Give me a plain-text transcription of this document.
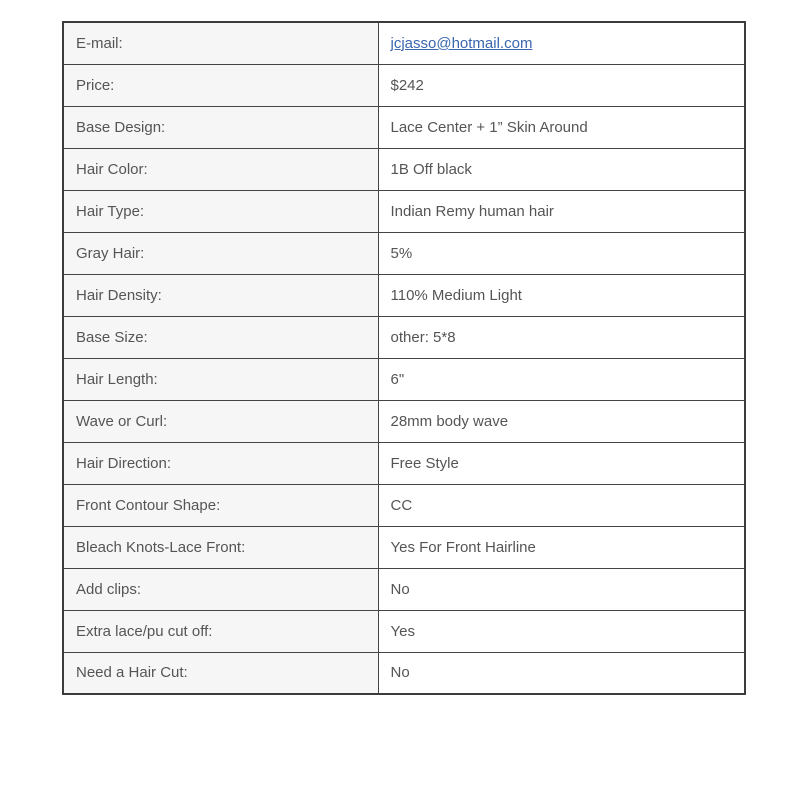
E-mail:	jcjasso@hotmail.com
Price:	$242
Base Design:	Lace Center + 1” Skin Around
Hair Color:	1B Off black
Hair Type:	Indian Remy human hair
Gray Hair:	5%
Hair Density:	110% Medium Light
Base Size:	other: 5*8
Hair Length:	6"
Wave or Curl:	28mm body wave
Hair Direction:	Free Style
Front Contour Shape:	CC
Bleach Knots-Lace Front:	Yes For Front Hairline
Add clips:	No
Extra lace/pu cut off:	Yes
Need a Hair Cut:	No
